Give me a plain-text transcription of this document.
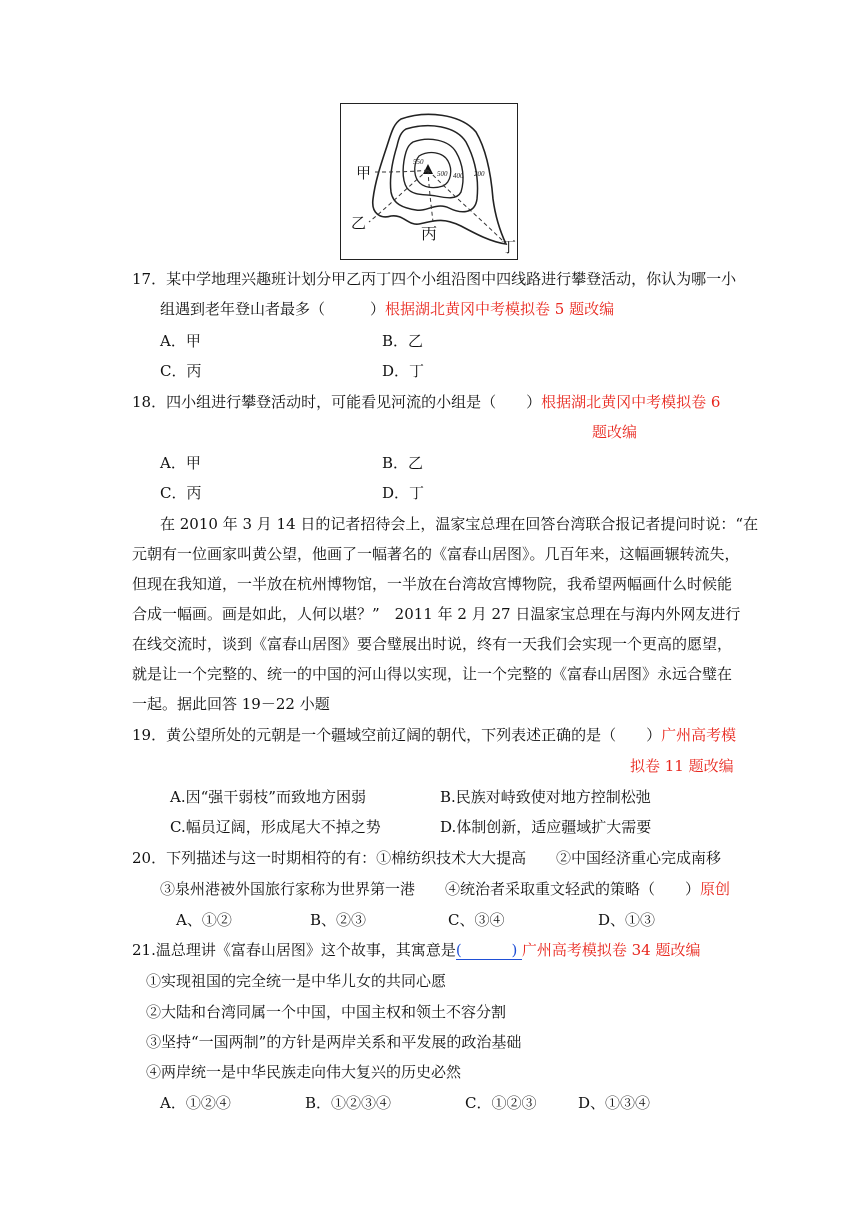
550
500 400 200
甲
乙
丙
丁
17．某中学地理兴趣班计划分甲乙丙丁四个小组沿图中四线路进行攀登活动，你认为哪一小
组遇到老年登山者最多（　　　）根据湖北黄冈中考模拟卷 5 题改编
A．甲	B．乙
C．丙	D．丁
18．四小组进行攀登活动时，可能看见河流的小组是（　　）根据湖北黄冈中考模拟卷 6
题改编
A．甲	B．乙
C．丙	D．丁
在 2010 年 3 月 14 日的记者招待会上，温家宝总理在回答台湾联合报记者提问时说：“在
元朝有一位画家叫黄公望，他画了一幅著名的《富春山居图》。几百年来，这幅画辗转流失，
但现在我知道，一半放在杭州博物馆，一半放在台湾故宫博物院，我希望两幅画什么时候能
合成一幅画。画是如此，人何以堪？”　2011 年 2 月 27 日温家宝总理在与海内外网友进行
在线交流时，谈到《富春山居图》要合璧展出时说，终有一天我们会实现一个更高的愿望，
就是让一个完整的、统一的中国的河山得以实现，让一个完整的《富春山居图》永远合璧在
一起。据此回答 19－22 小题
19．黄公望所处的元朝是一个疆域空前辽阔的朝代，下列表述正确的是（　　）广州高考模
拟卷 11 题改编
A.因“强干弱枝”而致地方困弱	B.民族对峙致使对地方控制松弛
C.幅员辽阔，形成尾大不掉之势	D.体制创新，适应疆域扩大需要
20．下列描述与这一时期相符的有：①棉纺织技术大大提高 ②中国经济重心完成南移
③泉州港被外国旅行家称为世界第一港　　④统治者采取重文轻武的策略（　　）原创
A、①②	B、②③	C、③④	D、①③
21.温总理讲《富春山居图》这个故事，其寓意是(　　　 ) 广州高考模拟卷 34 题改编
①实现祖国的完全统一是中华儿女的共同心愿
②大陆和台湾同属一个中国，中国主权和领土不容分割
③坚持“一国两制”的方针是两岸关系和平发展的政治基础
④两岸统一是中华民族走向伟大复兴的历史必然
A．①②④	B．①②③④	C．①②③	D、①③④
